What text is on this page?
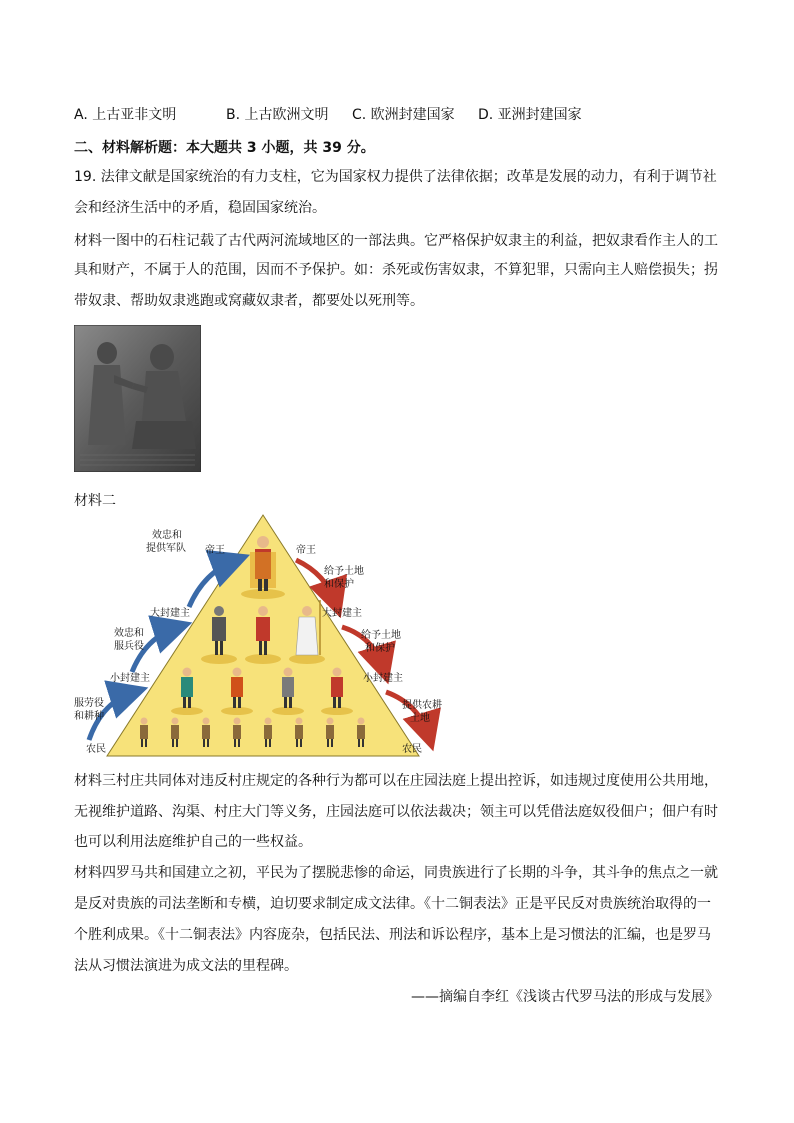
A. 上古亚非文明	B. 上古欧洲文明 C. 欧洲封建国家 D. 亚洲封建国家
二、材料解析题：本大题共 3 小题，共 39 分。
19. 法律文献是国家统治的有力支柱，它为国家权力提供了法律依据；改革是发展的动力，有利于调节社
会和经济生活中的矛盾，稳固国家统治。
材料一图中的石柱记载了古代两河流域地区的一部法典。它严格保护奴隶主的利益，把奴隶看作主人的工
具和财产，不属于人的范围，因而不予保护。如：杀死或伤害奴隶，不算犯罪，只需向主人赔偿损失；拐
带奴隶、帮助奴隶逃跑或窝藏奴隶者，都要处以死刑等。
材料二
帝王	帝王
大封建主	大封建主
小封建主	小封建主
农民	农民
效忠和
提供军队
效忠和
服兵役
服劳役
和耕种
给予土地
和保护
给予土地
和保护
提供农耕
土地
材料三村庄共同体对违反村庄规定的各种行为都可以在庄园法庭上提出控诉，如违规过度使用公共用地，
无视维护道路、沟渠、村庄大门等义务，庄园法庭可以依法裁决；领主可以凭借法庭奴役佃户；佃户有时
也可以利用法庭维护自己的一些权益。
材料四罗马共和国建立之初，平民为了摆脱悲惨的命运，同贵族进行了长期的斗争，其斗争的焦点之一就
是反对贵族的司法垄断和专横，迫切要求制定成文法律。《十二铜表法》正是平民反对贵族统治取得的一
个胜利成果。《十二铜表法》内容庞杂，包括民法、刑法和诉讼程序，基本上是习惯法的汇编，也是罗马
法从习惯法演进为成文法的里程碑。
——摘编自李红《浅谈古代罗马法的形成与发展》
